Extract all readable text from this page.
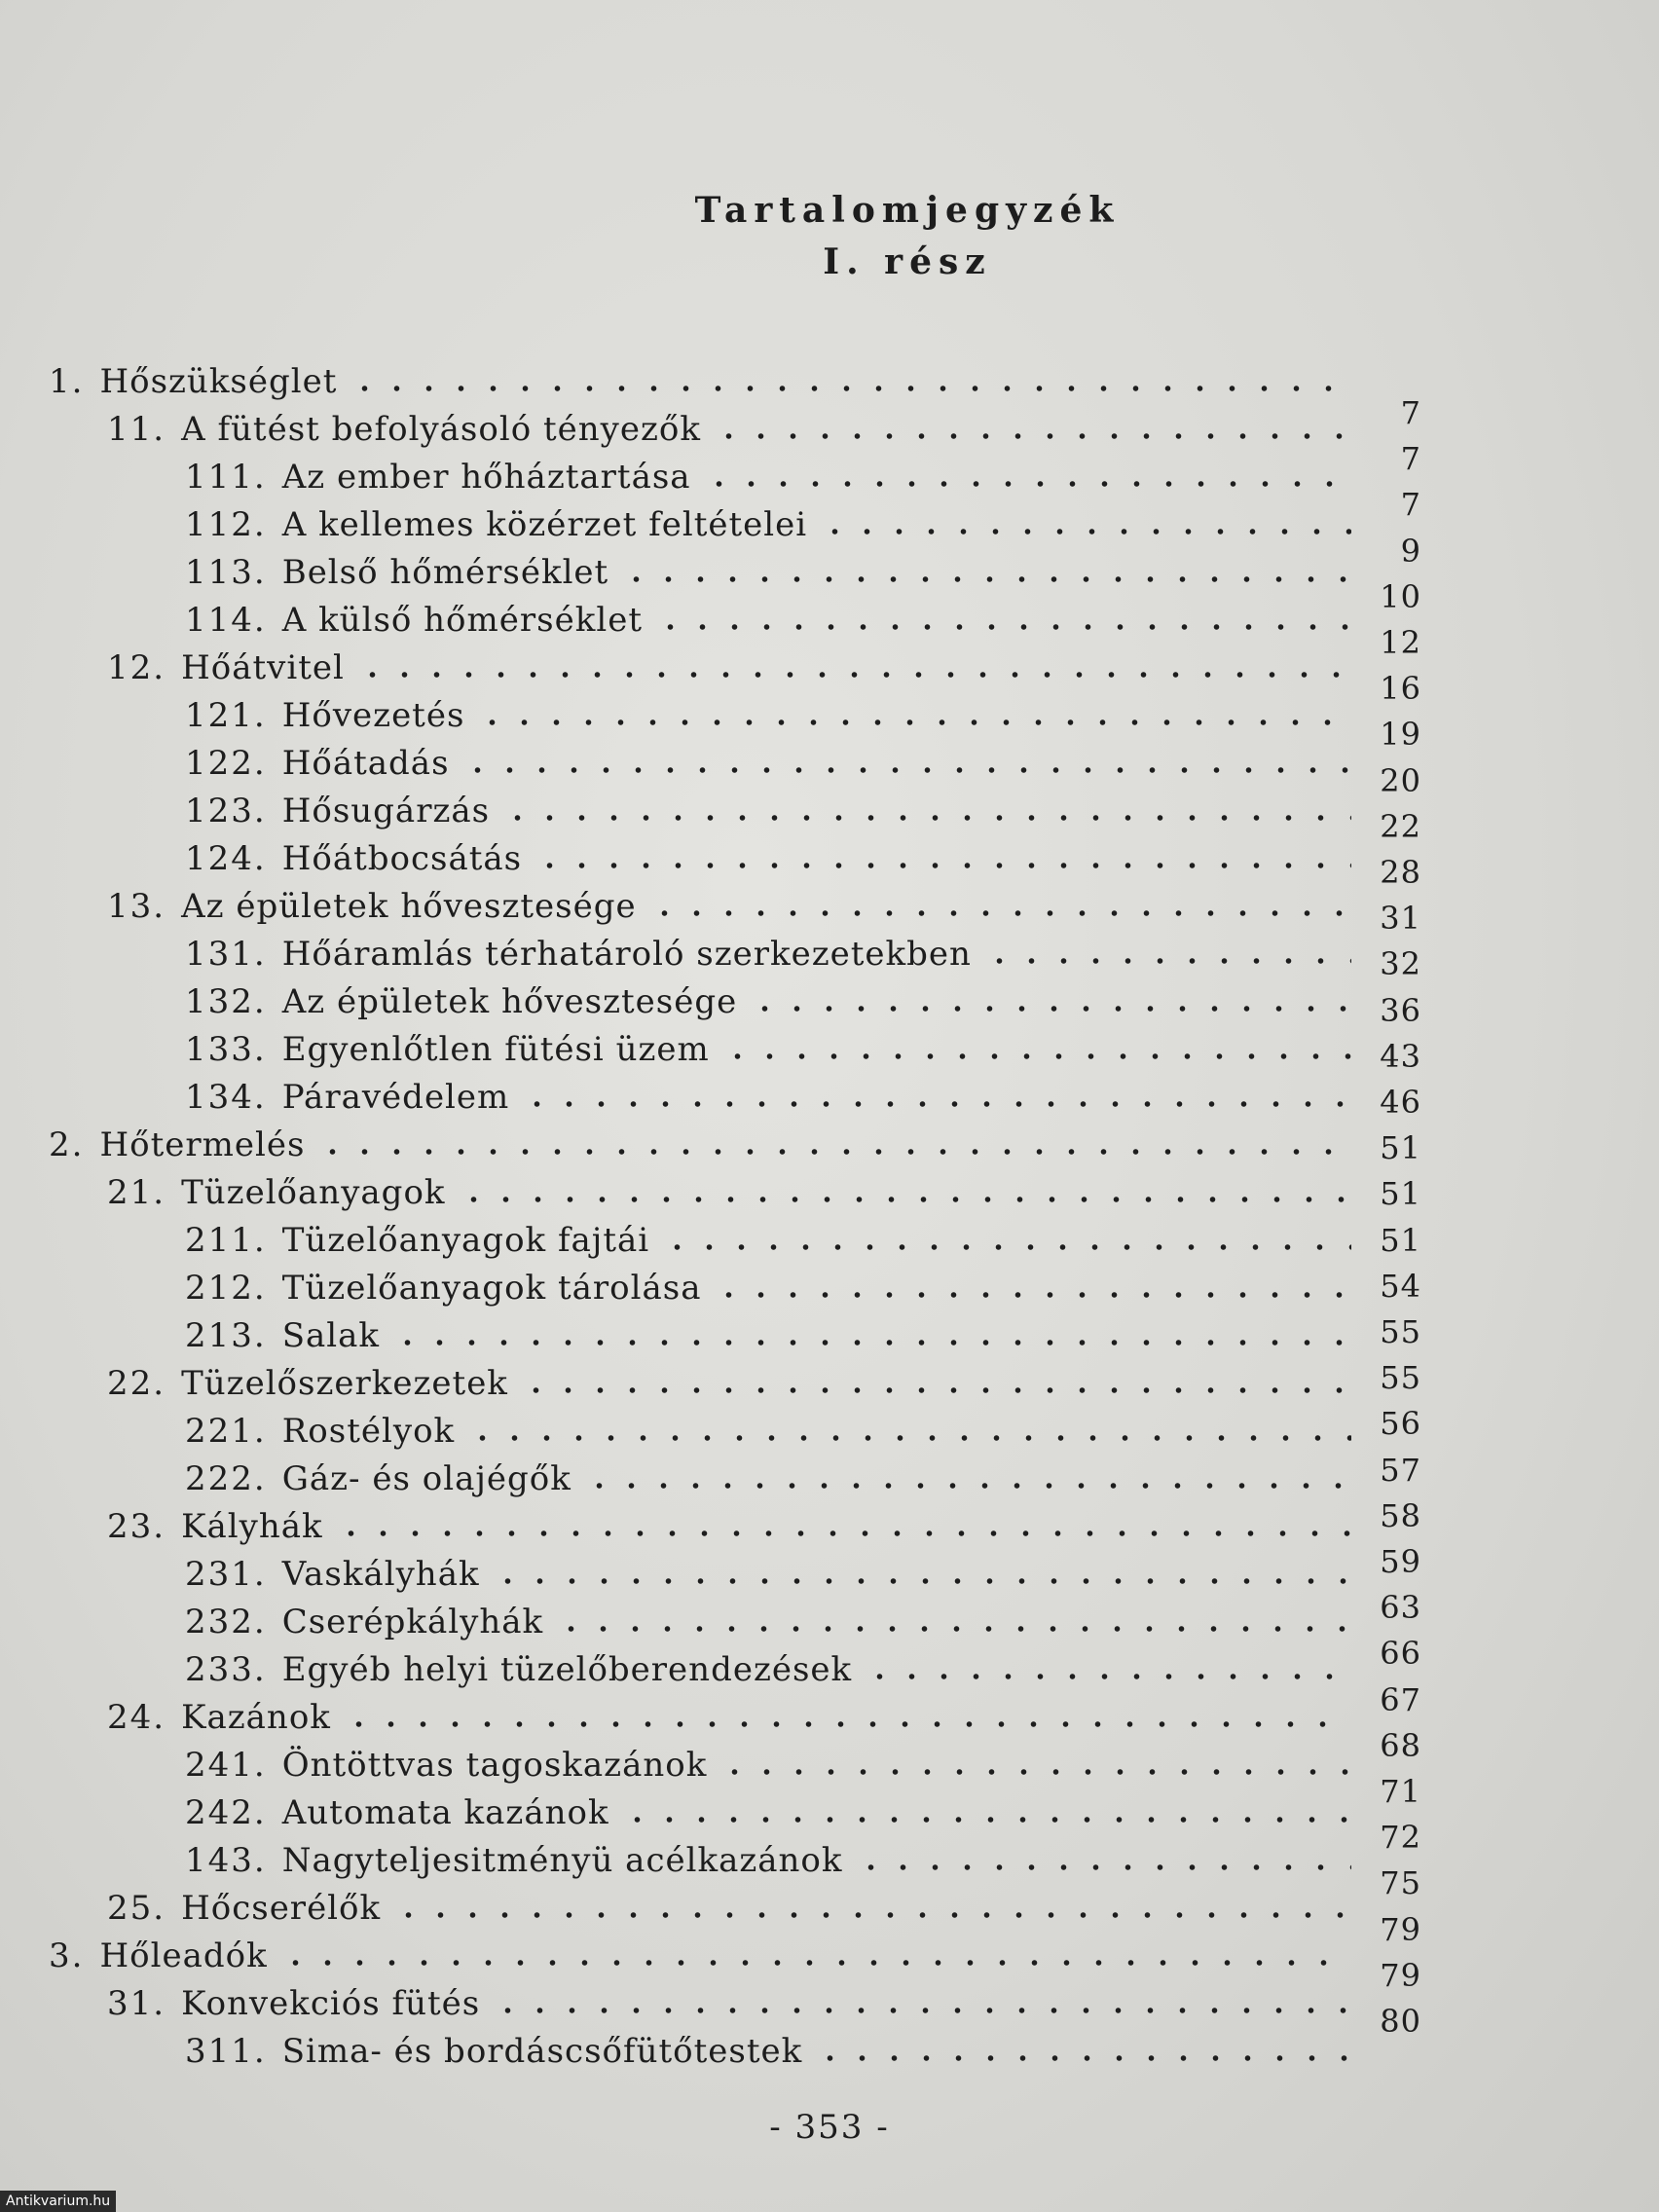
Tartalomjegyzék
I. rész
1. Hőszükséglet
11. A fütést befolyásoló tényezők
111. Az ember hőháztartása
112. A kellemes közérzet feltételei
113. Belső hőmérséklet
114. A külső hőmérséklet
12. Hőátvitel
121. Hővezetés
122. Hőátadás
123. Hősugárzás
124. Hőátbocsátás
13. Az épületek hővesztesége
131. Hőáramlás térhatároló szerkezetekben
132. Az épületek hővesztesége
133. Egyenlőtlen fütési üzem
134. Páravédelem
2. Hőtermelés
21. Tüzelőanyagok
211. Tüzelőanyagok fajtái
212. Tüzelőanyagok tárolása
213. Salak
22. Tüzelőszerkezetek
221. Rostélyok
222. Gáz- és olajégők
23. Kályhák
231. Vaskályhák
232. Cserépkályhák
233. Egyéb helyi tüzelőberendezések
24. Kazánok
241. Öntöttvas tagoskazánok
242. Automata kazánok
143. Nagyteljesitményü acélkazánok
25. Hőcserélők
3. Hőleadók
31. Konvekciós fütés
311. Sima- és bordáscsőfütőtestek
7
7
7
9
10
12
16
19
20
22
28
31
32
36
43
46
51
51
51
54
55
55
56
57
58
59
63
66
67
68
71
72
75
79
79
80
- 353 -
Antikvarium.hu
